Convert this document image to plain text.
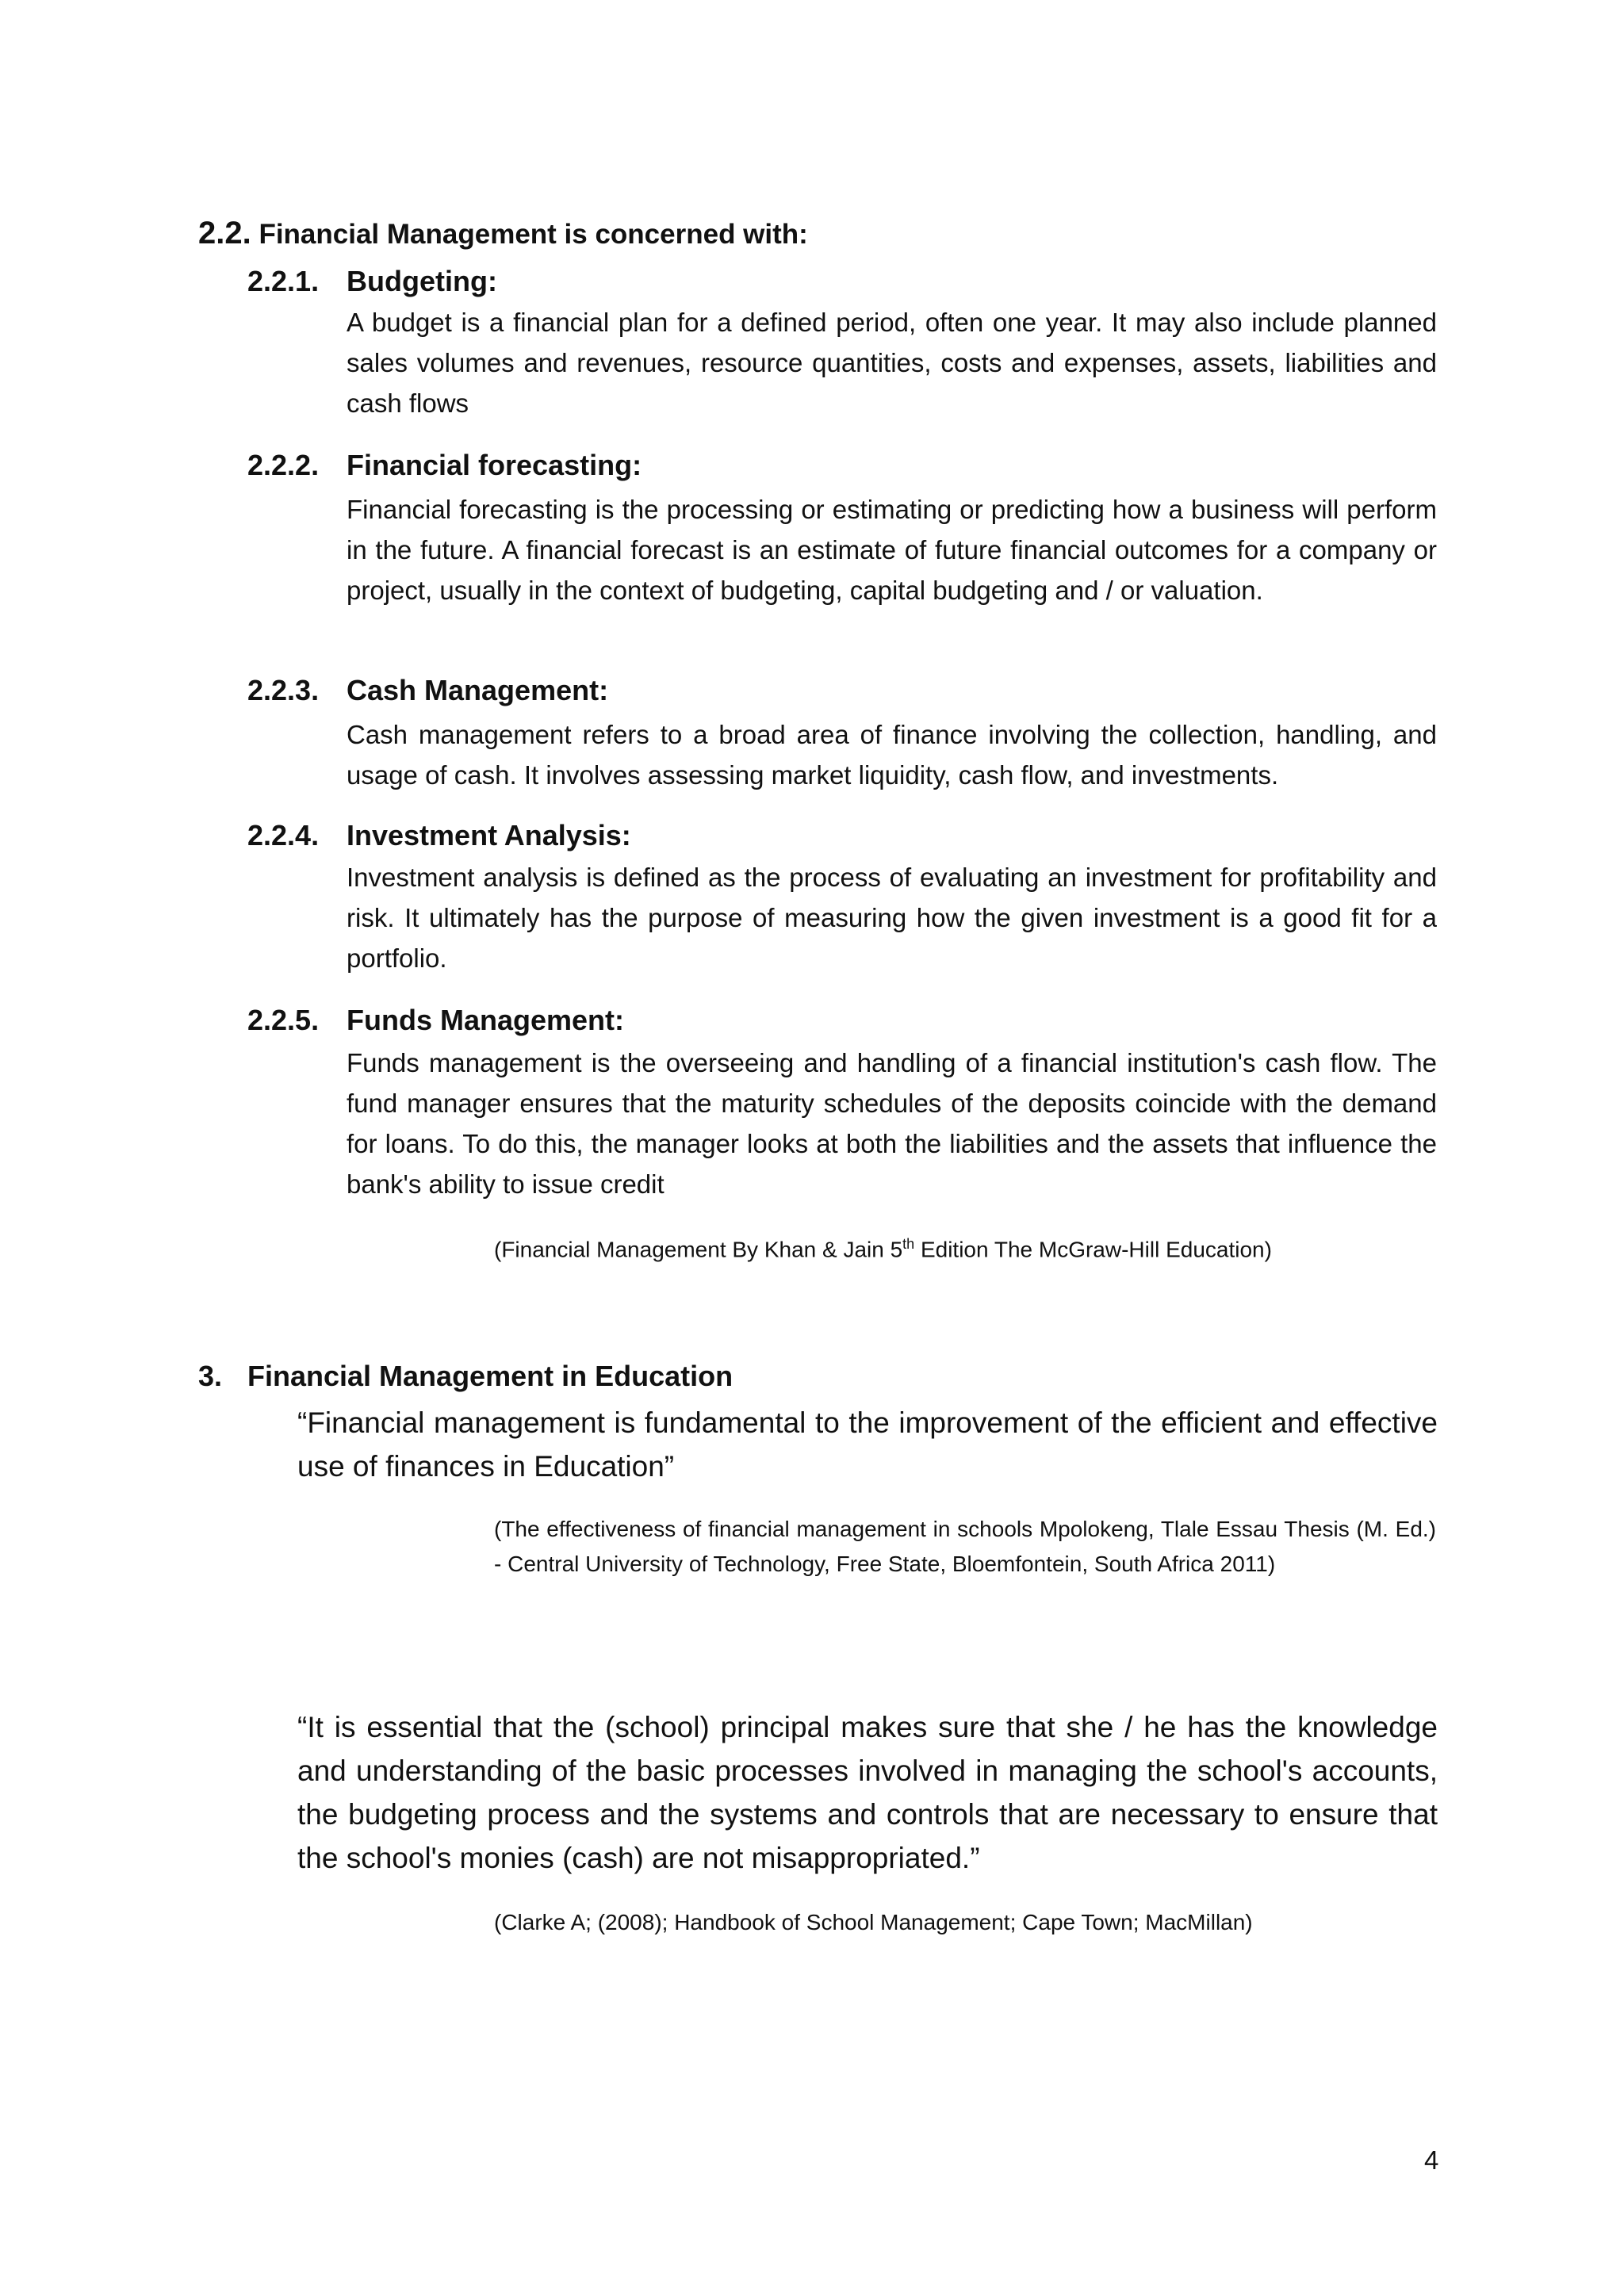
2.2. Financial Management is concerned with:
2.2.1. Budgeting:
A budget is a financial plan for a defined period, often one year. It may also include planned sales volumes and revenues, resource quantities, costs and expenses, assets, liabilities and cash flows
2.2.2. Financial forecasting:
Financial forecasting is the processing or estimating or predicting how a business will perform in the future. A financial forecast is an estimate of future financial outcomes for a company or project, usually in the context of budgeting, capital budgeting and / or valuation.
2.2.3. Cash Management:
Cash management refers to a broad area of finance involving the collection, handling, and usage of cash. It involves assessing market liquidity, cash flow, and investments.
2.2.4. Investment Analysis:
Investment analysis is defined as the process of evaluating an investment for profitability and risk. It ultimately has the purpose of measuring how the given investment is a good fit for a portfolio.
2.2.5. Funds Management:
Funds management is the overseeing and handling of a financial institution's cash flow. The fund manager ensures that the maturity schedules of the deposits coincide with the demand for loans. To do this, the manager looks at both the liabilities and the assets that influence the bank's ability to issue credit
(Financial Management By Khan & Jain 5th Edition The McGraw-Hill Education)
3. Financial Management in Education
“Financial management is fundamental to the improvement of the efficient and effective use of finances in Education”
(The effectiveness of financial management in schools Mpolokeng, Tlale Essau Thesis (M. Ed.) - Central University of Technology, Free State, Bloemfontein, South Africa 2011)
“It is essential that the (school) principal makes sure that she / he has the knowledge and understanding of the basic processes involved in managing the school's accounts, the budgeting process and the systems and controls that are necessary to ensure that the school's monies (cash) are not misappropriated.”
(Clarke A; (2008); Handbook of School Management; Cape Town; MacMillan)
4
